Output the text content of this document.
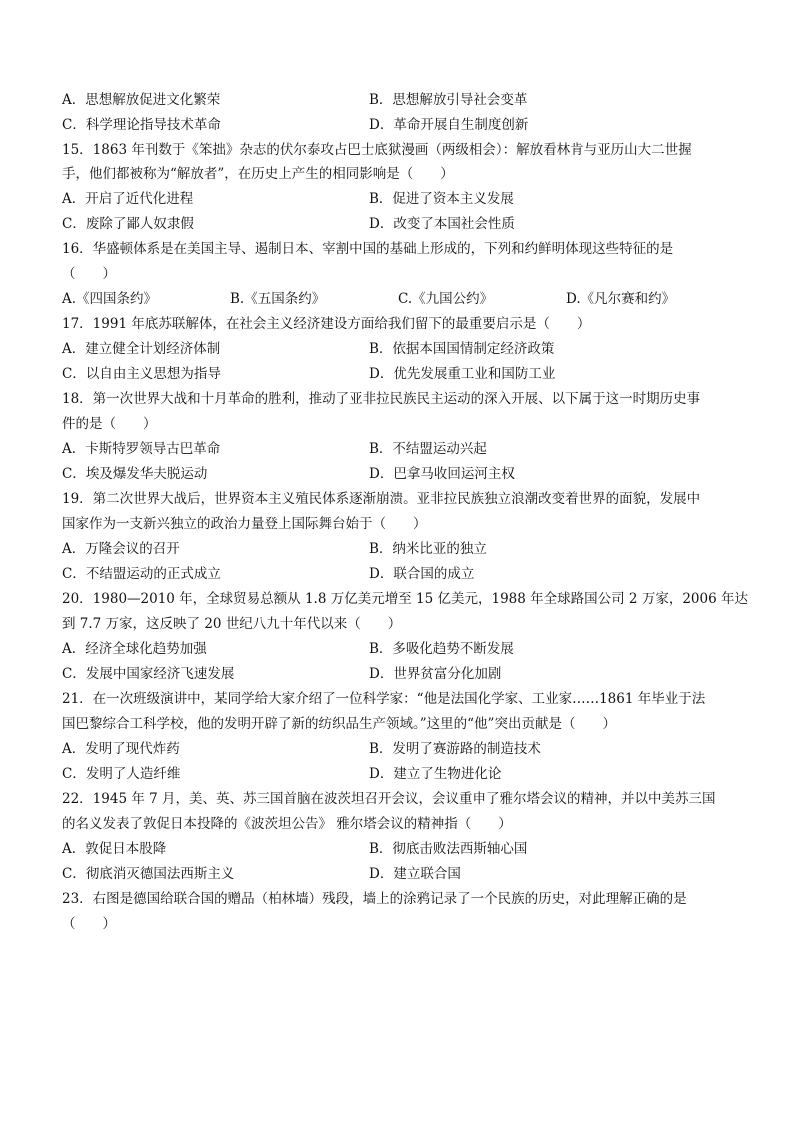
A．思想解放促进文化繁荣	B．思想解放引导社会变革
C．科学理论指导技术革命	D．革命开展自生制度创新
15．1863 年刊数于《笨拙》杂志的伏尔泰攻占巴士底狱漫画（两级相会）：解放看林肯与亚历山大二世握
手，他们都被称为“解放者”，在历史上产生的相同影响是（　　）
A．开启了近代化进程	B．促进了资本主义发展
C．废除了鄙人奴隶假	D．改变了本国社会性质
16．华盛顿体系是在美国主导、遏制日本、宰割中国的基础上形成的，下列和约鲜明体现这些特征的是
（　　）
A.《四国条约》	B.《五国条约》	C.《九国公约》	D.《凡尔赛和约》
17．1991 年底苏联解体，在社会主义经济建设方面给我们留下的最重要启示是（　　）
A．建立健全计划经济体制	B．依据本国国情制定经济政策
C．以自由主义思想为指导	D．优先发展重工业和国防工业
18．第一次世界大战和十月革命的胜利，推动了亚非拉民族民主运动的深入开展、以下属于这一时期历史事
件的是（　　）
A．卡斯特罗领导古巴革命	B．不结盟运动兴起
C．埃及爆发华夫脱运动	D．巴拿马收回运河主权
19．第二次世界大战后，世界资本主义殖民体系逐渐崩溃。亚非拉民族独立浪潮改变着世界的面貌，发展中
国家作为一支新兴独立的政治力量登上国际舞台始于（　　）
A．万隆会议的召开	B．纳米比亚的独立
C．不结盟运动的正式成立	D．联合国的成立
20．1980—2010 年，全球贸易总额从 1.8 万亿美元增至 15 亿美元，1988 年全球路国公司 2 万家，2006 年达
到 7.7 万家，这反映了 20 世纪八九十年代以来（　　）
A．经济全球化趋势加强	B．多吸化趋势不断发展
C．发展中国家经济飞速发展	D．世界贫富分化加剧
21．在一次班级演讲中，某同学给大家介绍了一位科学家：“他是法国化学家、工业家……1861 年毕业于法
国巴黎综合工科学校，他的发明开辟了新的纺织品生产领域。”这里的“他”突出贡献是（　　）
A．发明了现代炸药	B．发明了赛游路的制造技术
C．发明了人造纤维	D．建立了生物进化论
22．1945 年 7 月，美、英、苏三国首脑在波茨坦召开会议，会议重申了雅尔塔会议的精神，并以中美苏三国
的名义发表了敦促日本投降的《波茨坦公告》 雅尔塔会议的精神指（　　）
A．敦促日本股降	B．彻底击败法西斯轴心国
C．彻底消灭德国法西斯主义	D．建立联合国
23．右图是德国给联合国的赠品（柏林墙）残段，墙上的涂鸦记录了一个民族的历史，对此理解正确的是
（　　）
